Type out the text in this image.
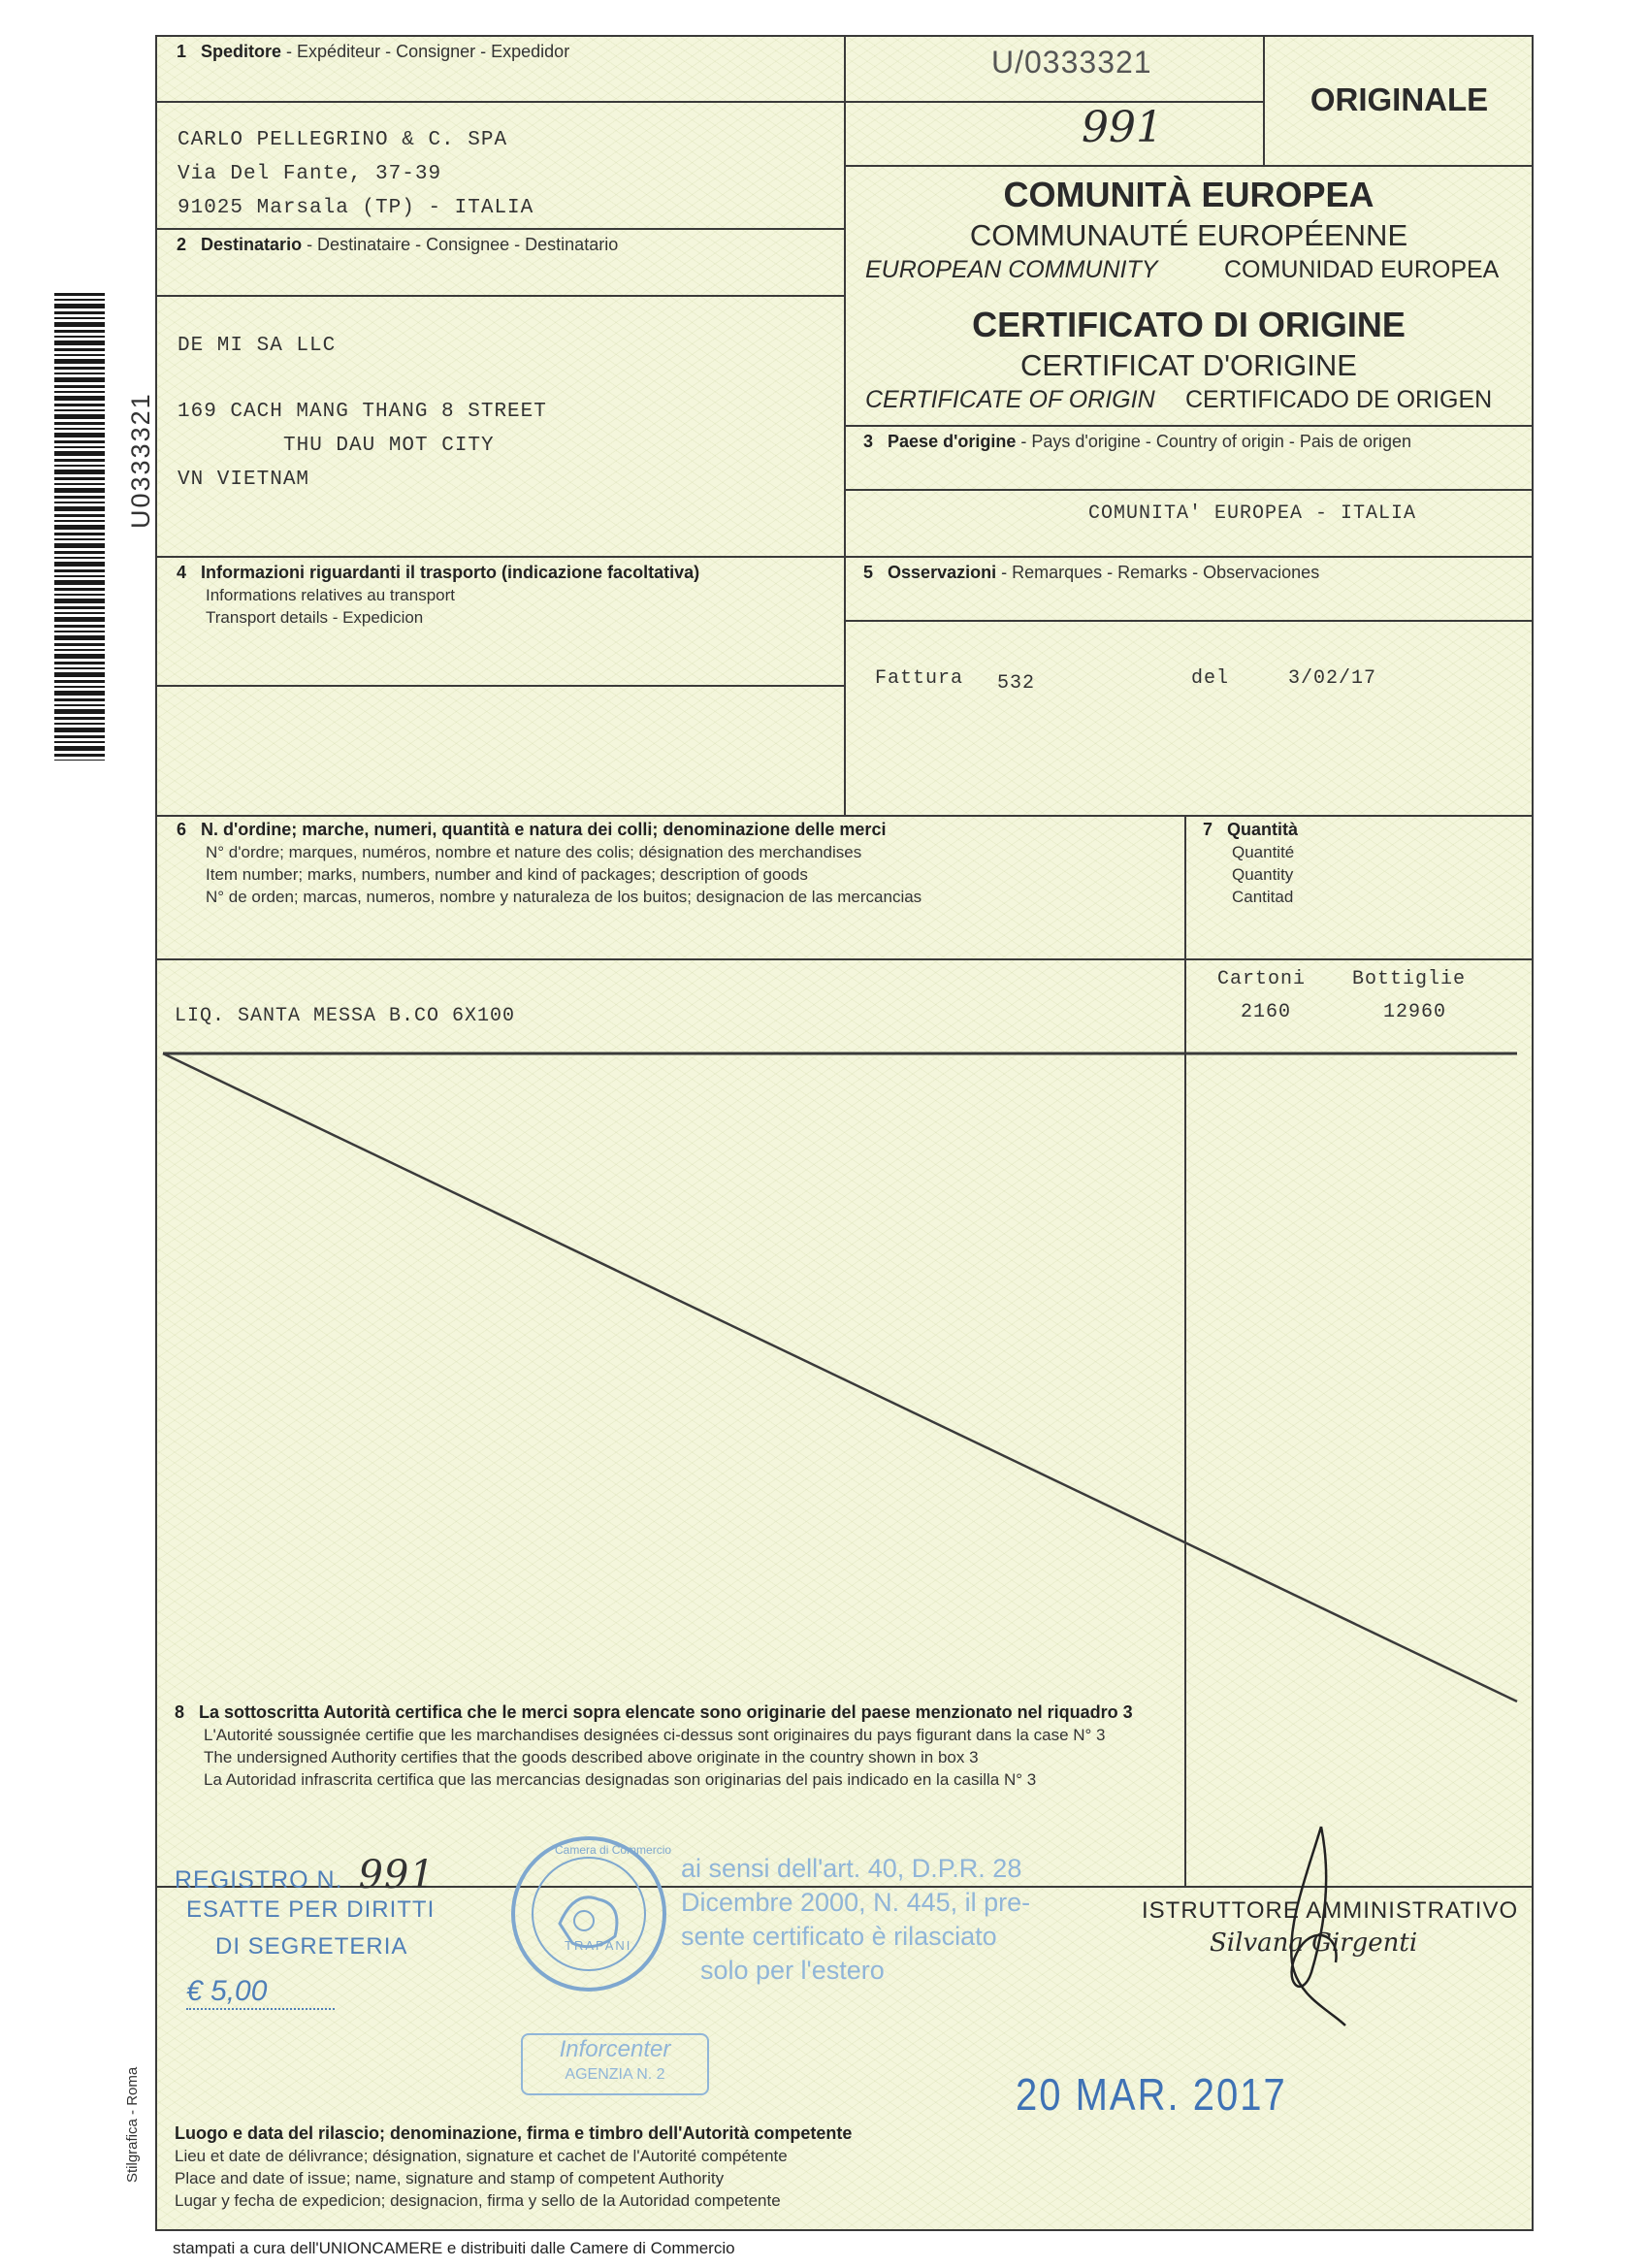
U0333321
Stilgrafica - Roma
1 Speditore - Expéditeur - Consigner - Expedidor
CARLO PELLEGRINO & C. SPA
Via Del Fante, 37-39
91025 Marsala (TP) - ITALIA
2 Destinatario - Destinataire - Consignee - Destinatario
DE MI SA LLC
169 CACH MANG THANG 8 STREET
THU DAU MOT CITY
VN VIETNAM
U/0333321
991
ORIGINALE
COMUNITÀ EUROPEA
COMMUNAUTÉ EUROPÉENNE
EUROPEAN COMMUNITY	COMUNIDAD EUROPEA
CERTIFICATO DI ORIGINE
CERTIFICAT D'ORIGINE
CERTIFICATE OF ORIGIN CERTIFICADO DE ORIGEN
3 Paese d'origine - Pays d'origine - Country of origin - Pais de origen
COMUNITA' EUROPEA - ITALIA
4 Informazioni riguardanti il trasporto (indicazione facoltativa)
Informations relatives au transport
Transport details - Expedicion
5 Osservazioni - Remarques - Remarks - Observaciones
Fattura 532	del	3/02/17
6 N. d'ordine; marche, numeri, quantità e natura dei colli; denominazione delle merci
N° d'ordre; marques, numéros, nombre et nature des colis; désignation des merchandises
Item number; marks, numbers, number and kind of packages; description of goods
N° de orden; marcas, numeros, nombre y naturaleza de los buitos; designacion de las mercancias
LIQ. SANTA MESSA B.CO 6X100
7 Quantità
Quantité
Quantity
Cantitad
Cartoni Bottiglie
2160	12960
8 La sottoscritta Autorità certifica che le merci sopra elencate sono originarie del paese menzionato nel riquadro 3
L'Autorité soussignée certifie que les marchandises designées ci-dessus sont originaires du pays figurant dans la case N° 3
The undersigned Authority certifies that the goods described above originate in the country shown in box 3
La Autoridad infrascrita certifica que las mercancias designadas son originarias del pais indicado en la casilla N° 3
REGISTRO N. 991
ESATTE PER DIRITTI
DI SEGRETERIA
€ 5,00
Camera di Commercio
TRAPANI
ai sensi dell'art. 40, D.P.R. 28
Dicembre 2000, N. 445, il pre-
sente certificato è rilasciato
solo per l'estero
Inforcenter
AGENZIA N. 2	20 MAR. 2017
ISTRUTTORE AMMINISTRATIVO
Silvana Girgenti
Luogo e data del rilascio; denominazione, firma e timbro dell'Autorità competente
Lieu et date de délivrance; désignation, signature et cachet de l'Autorité compétente
Place and date of issue; name, signature and stamp of competent Authority
Lugar y fecha de expedicion; designacion, firma y sello de la Autoridad competente
stampati a cura dell'UNIONCAMERE e distribuiti dalle Camere di Commercio
